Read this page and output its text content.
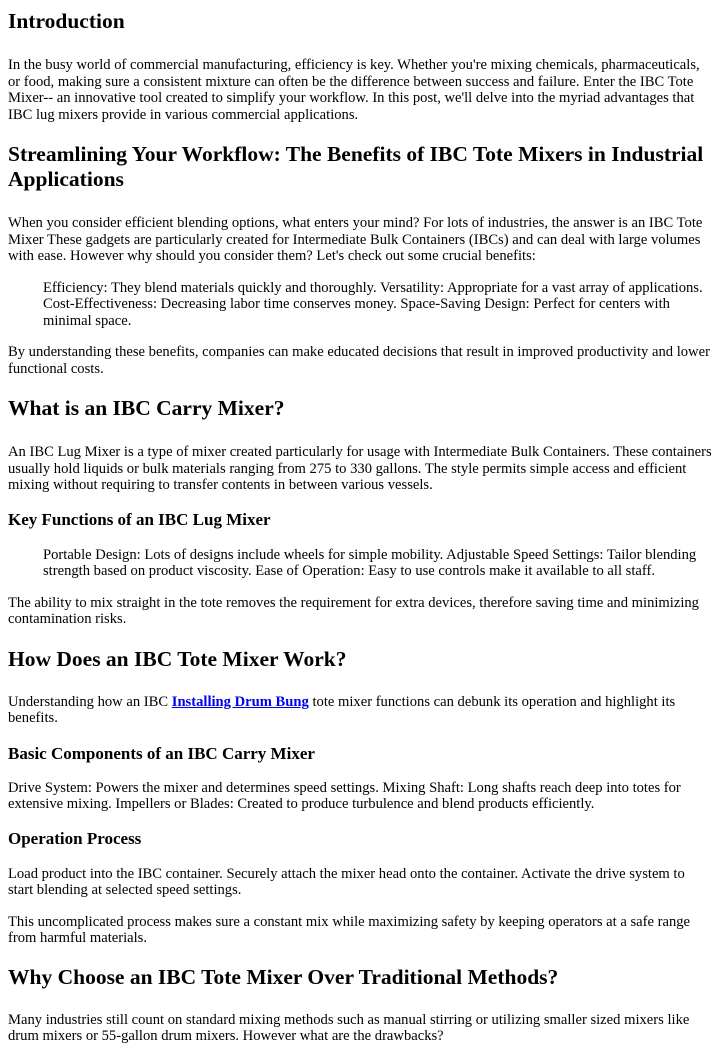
Introduction

In the busy world of commercial manufacturing, efficiency is key. Whether you're mixing chemicals, pharmaceuticals, or food, making sure a consistent mixture can often be the difference between success and failure. Enter the IBC Tote Mixer-- an innovative tool created to simplify your workflow. In this post, we'll delve into the myriad advantages that IBC lug mixers provide in various commercial applications.

Streamlining Your Workflow: The Benefits of IBC Tote Mixers in Industrial Applications

When you consider efficient blending options, what enters your mind? For lots of industries, the answer is an IBC Tote Mixer These gadgets are particularly created for Intermediate Bulk Containers (IBCs) and can deal with large volumes with ease. However why should you consider them? Let's check out some crucial benefits:

Efficiency: They blend materials quickly and thoroughly. Versatility: Appropriate for a vast array of applications. Cost-Effectiveness: Decreasing labor time conserves money. Space-Saving Design: Perfect for centers with minimal space.

By understanding these benefits, companies can make educated decisions that result in improved productivity and lower functional costs.

What is an IBC Carry Mixer?

An IBC Lug Mixer is a type of mixer created particularly for usage with Intermediate Bulk Containers. These containers usually hold liquids or bulk materials ranging from 275 to 330 gallons. The style permits simple access and efficient mixing without requiring to transfer contents in between various vessels.

Key Functions of an IBC Lug Mixer

Portable Design: Lots of designs include wheels for simple mobility. Adjustable Speed Settings: Tailor blending strength based on product viscosity. Ease of Operation: Easy to use controls make it available to all staff.

The ability to mix straight in the tote removes the requirement for extra devices, therefore saving time and minimizing contamination risks.

How Does an IBC Tote Mixer Work?

Understanding how an IBC Installing Drum Bung tote mixer functions can debunk its operation and highlight its benefits.

Basic Components of an IBC Carry Mixer

Drive System: Powers the mixer and determines speed settings. Mixing Shaft: Long shafts reach deep into totes for extensive mixing. Impellers or Blades: Created to produce turbulence and blend products efficiently.

Operation Process

Load product into the IBC container. Securely attach the mixer head onto the container. Activate the drive system to start blending at selected speed settings.

This uncomplicated process makes sure a constant mix while maximizing safety by keeping operators at a safe range from harmful materials.

Why Choose an IBC Tote Mixer Over Traditional Methods?

Many industries still count on standard mixing methods such as manual stirring or utilizing smaller sized mixers like drum mixers or 55-gallon drum mixers. However what are the drawbacks?
